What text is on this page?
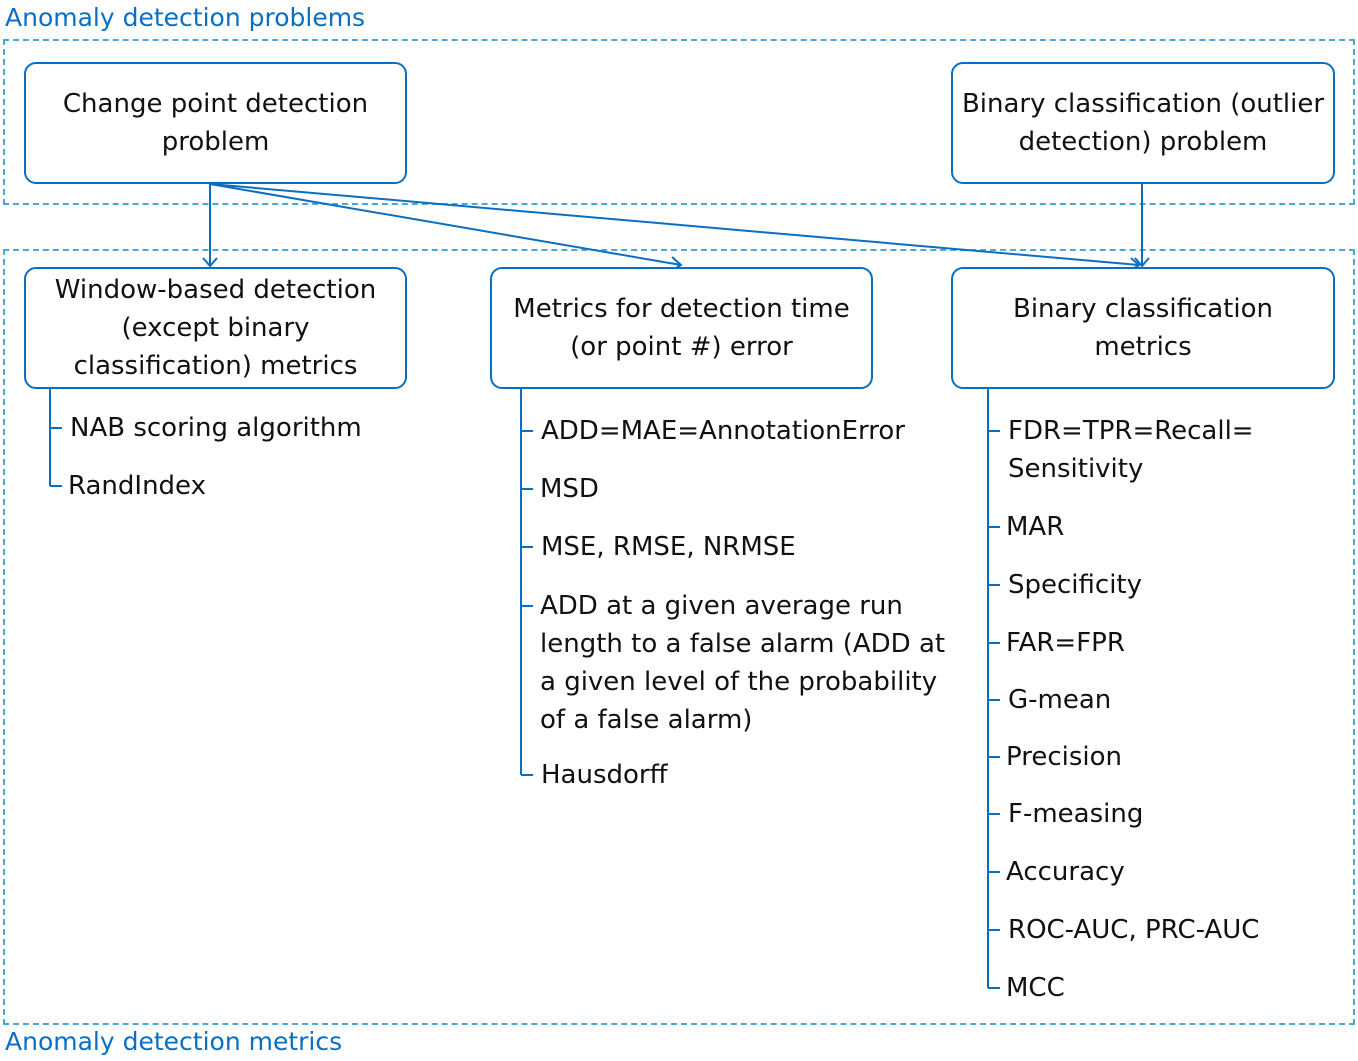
Anomaly detection problems
Anomaly detection metrics
Change point detection problem
Binary classification (outlier detection) problem
Window-based detection (except binary classification) metrics
Metrics for detection time (or point #) error
Binary classification metrics
NAB scoring algorithm
RandIndex
ADD=MAE=AnnotationError
MSD
MSE, RMSE, NRMSE
ADD at a given average run length to a false alarm (ADD at a given level of the probability of a false alarm)
Hausdorff
FDR=TPR=Recall= Sensitivity
MAR
Specificity
FAR=FPR
G-mean
Precision
F-measing
Accuracy
ROC-AUC, PRC-AUC
MCC
